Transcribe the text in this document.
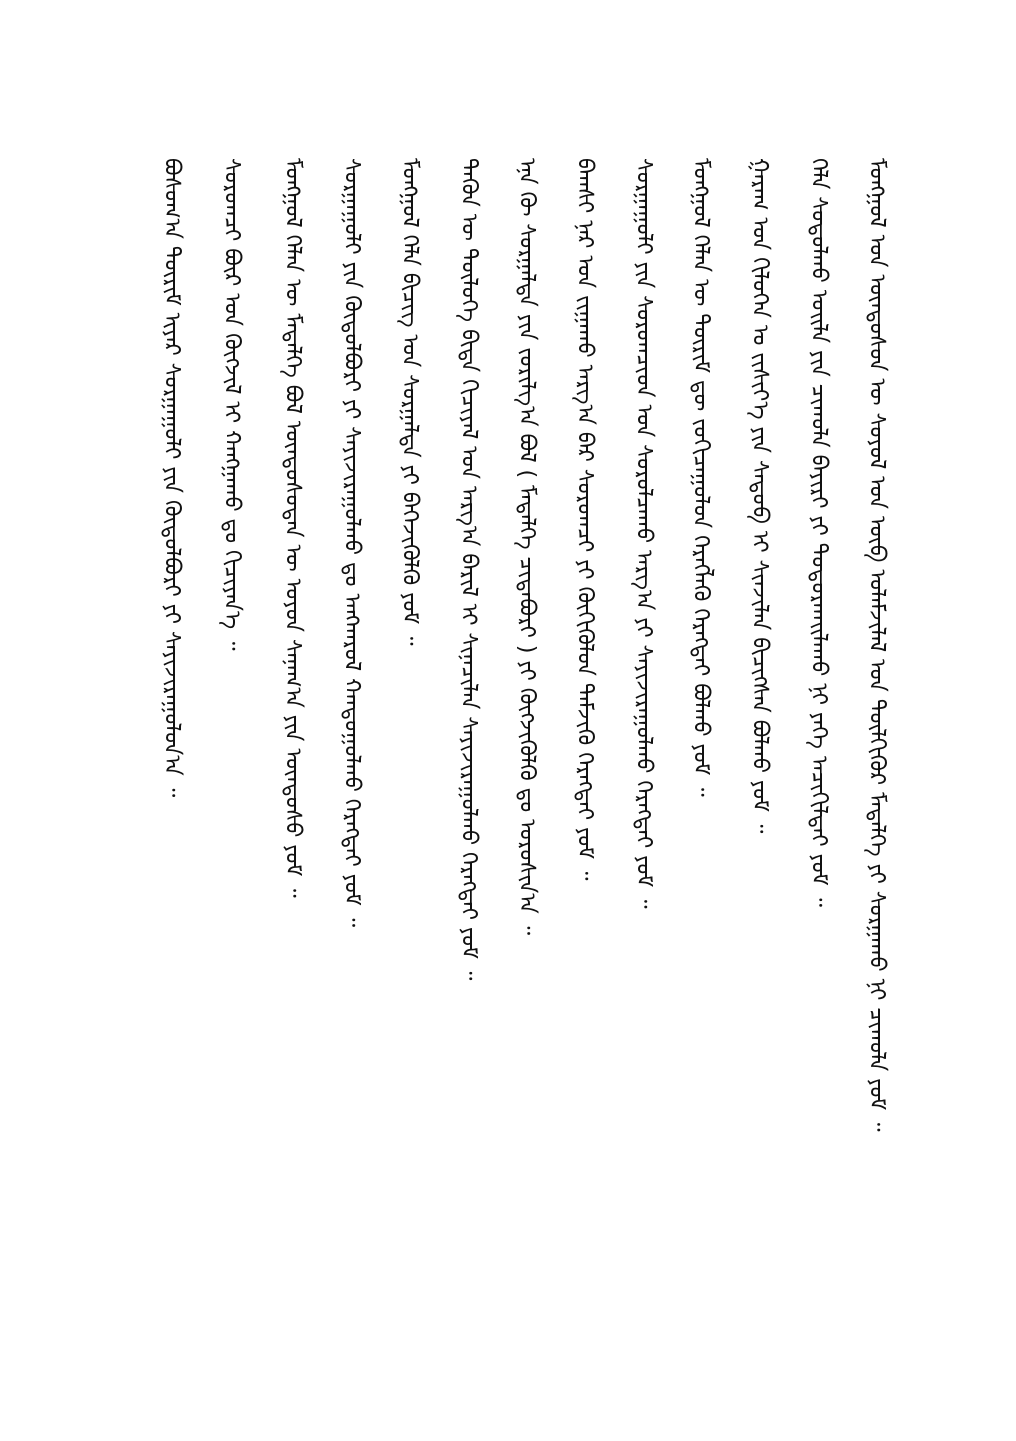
ᠮᠣᠩᠭᠣᠯ ᠤᠨ ᠦᠨᠳᠦᠰᠦᠨ ᠦ ᠰᠣᠶᠣᠯ ᠤᠨ ᠦᠪ ᠤᠯᠠᠮᠵᠢᠯᠠᠯ ᠤᠨ ᠲᠦᠯᠬᠢᠭᠦᠷ ᠮᠡᠳᠡᠯᠭᠡ ᠶᠢ ᠰᠤᠷᠭᠠᠬᠤ ᠨᠢ ᠴᠢᠬᠤᠯᠠ ᠶᠤᠮ ᠃
ᠬᠡᠯᠡ ᠰᠤᠳᠤᠯᠬᠤ ᠤᠢᠯᠡ ᠶᠢᠨ ᠴᠢᠬᠤᠯᠠ ᠪᠠᠶᠢᠷᠢ ᠶᠢ ᠲᠣᠳᠣᠷᠬᠠᠢᠯᠠᠬᠤ ᠨᠢ ᠶᠡᠬᠡ ᠠᠴᠢᠬᠢᠯᠲᠠᠢ ᠶᠤᠮ ᠃
ᠭᠠᠷᠠᠭ ᠤᠨ ᠬᠢᠯᠦᠬᠡᠨ ᠤ ᠵᠢᠰᠢᠶ᠎ᠡ ᠶᠢᠨ ᠰᠡᠳᠦᠪ ᠢ ᠰᠢᠨᠵᠢᠯᠡᠨ ᠪᠢᠴᠢᠭᠰᠡᠨ ᠪᠣᠯᠬᠣ ᠶᠤᠮ ᠃
ᠮᠣᠩᠭᠣᠯ ᠬᠡᠯᠡᠨ ᠦ ᠳᠦᠷᠢᠮ ᠳᠦ ᠵᠣᠬᠢᠴᠠᠭᠤᠯᠤᠨ ᠬᠡᠷᠡᠭᠯᠡᠬᠦ ᠬᠡᠷᠡᠭᠲᠡᠢ ᠪᠣᠯᠬᠣ ᠶᠤᠮ ᠃
ᠰᠤᠷᠭᠠᠭᠤᠯᠢ ᠶᠢᠨ ᠰᠤᠷᠤᠭᠴᠢᠳ ᠤᠨ ᠰᠤᠷᠤᠯᠴᠠᠬᠤ ᠠᠷᠭ᠎ᠠ ᠶᠢ ᠰᠠᠶᠢᠵᠢᠷᠠᠭᠤᠯᠬᠤ ᠬᠡᠷᠡᠭᠲᠡᠢ ᠶᠤᠮ ᠃
ᠪᠠᠭᠰᠢ ᠨᠠᠷ ᠤᠨ ᠵᠢᠭᠠᠬᠤ ᠠᠷᠭ᠎ᠠ ᠪᠡᠷ ᠰᠤᠷᠤᠭᠴᠢ ᠶᠢ ᠬᠥᠬᠢᠭᠦᠯᠦᠨ ᠳᠡᠮᠵᠢᠬᠦ ᠬᠡᠷᠡᠭᠲᠡᠢ ᠶᠤᠮ ᠃
ᠡᠨᠡ ᠬᠦ ᠰᠤᠷᠭᠠᠯᠲᠠ ᠶᠢᠨ ᠵᠣᠷᠢᠯᠭ᠎ᠠ ᠪᠣᠯ ( ᠮᠡᠳᠡᠯᠭᠡ ᠴᠢᠳᠠᠪᠤᠷᠢ ) ᠶᠢ ᠬᠥᠭᠵᠢᠭᠦᠯᠬᠦ ᠳᠤ ᠣᠷᠤᠰᠢᠨ᠎ᠠ ᠃
ᠲᠡᠭᠦᠨ ᠦ ᠲᠥᠯᠦᠭᠡ ᠪᠢᠳᠡ ᠬᠢᠴᠢᠶᠡᠯ ᠤᠨ ᠠᠷᠭ᠎ᠠ ᠪᠠᠷᠢᠯ ᠢ ᠰᠢᠨᠡᠴᠢᠯᠡᠨ ᠰᠠᠶᠢᠵᠢᠷᠠᠭᠤᠯᠬᠤ ᠬᠡᠷᠡᠭᠲᠡᠢ ᠶᠤᠮ ᠃
ᠮᠣᠩᠭᠣᠯ ᠬᠡᠯᠡ ᠪᠢᠴᠢᠭ ᠤᠨ ᠰᠤᠷᠭᠠᠯᠲᠠ ᠶᠢ ᠪᠡᠬᠡᠵᠢᠭᠦᠯᠬᠦ ᠶᠤᠮ ᠃
ᠰᠤᠷᠭᠠᠭᠤᠯᠢ ᠶᠢᠨ ᠬᠥᠲᠥᠯᠪᠦᠷᠢ ᠶᠢ ᠰᠠᠶᠢᠵᠢᠷᠠᠭᠤᠯᠬᠤ ᠳᠤ ᠠᠩᠬᠠᠷᠤᠯ ᠬᠠᠨᠳᠤᠭᠤᠯᠬᠤ ᠬᠡᠷᠡᠭᠲᠡᠢ ᠶᠤᠮ ᠃
ᠮᠣᠩᠭᠣᠯ ᠬᠡᠯᠡᠨ ᠦ ᠮᠡᠳᠡᠯᠭᠡ ᠪᠣᠯ ᠦᠨᠳᠦᠰᠦᠲᠡᠨ ᠦ ᠣᠶᠤᠨ ᠰᠠᠨᠠᠭ᠎ᠠ ᠶᠢᠨ ᠦᠨᠳᠦᠰᠦ ᠶᠤᠮ ᠃
ᠰᠤᠷᠤᠭᠴᠢ ᠪᠦᠷ ᠤᠨ ᠬᠥᠭᠵᠢᠯ ᠢ ᠬᠠᠩᠭᠠᠬᠤ ᠳᠤ ᠬᠢᠴᠢᠶᠡᠨ᠎ᠡ ᠃
ᠪᠣᠰᠤᠭ᠎ᠠ ᠳᠦᠷᠢᠮ ᠢᠶᠡᠷ ᠰᠤᠷᠭᠠᠭᠤᠯᠢ ᠶᠢᠨ ᠬᠥᠲᠥᠯᠪᠦᠷᠢ ᠶᠢ ᠰᠠᠶᠢᠵᠢᠷᠠᠭᠤᠯᠤᠨ᠎ᠠ ᠃
